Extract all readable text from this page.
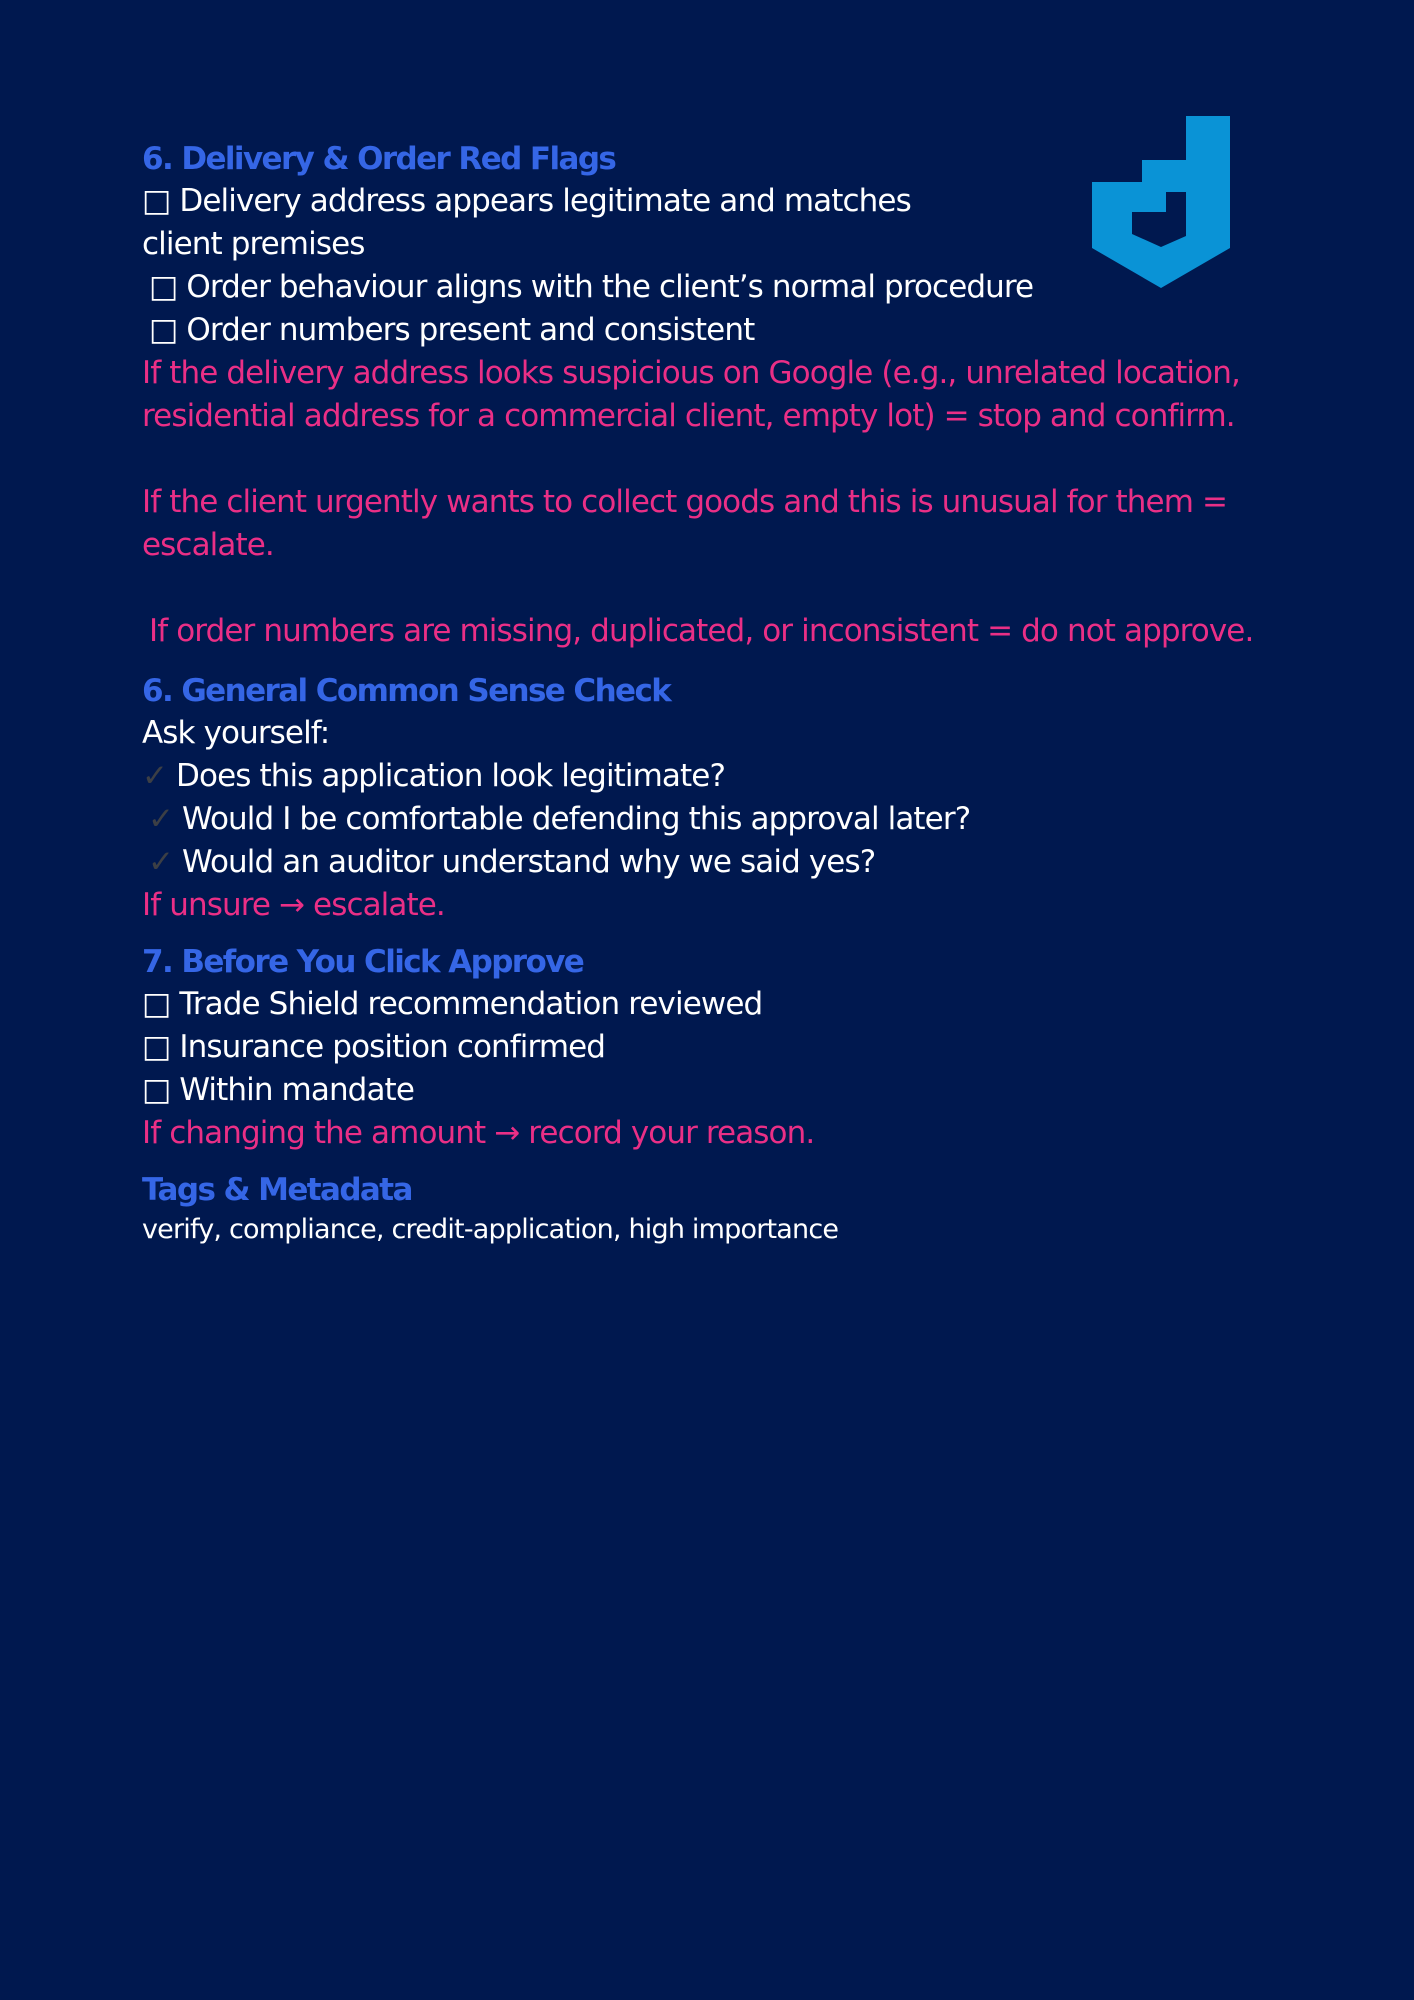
6. Delivery & Order Red Flags
□ Delivery address appears legitimate and matches
client premises
□ Order behaviour aligns with the client’s normal procedure
□ Order numbers present and consistent
If the delivery address looks suspicious on Google (e.g., unrelated location,
residential address for a commercial client, empty lot) = stop and confirm.
If the client urgently wants to collect goods and this is unusual for them =
escalate.
If order numbers are missing, duplicated, or inconsistent = do not approve.
6. General Common Sense Check
Ask yourself:
✓ Does this application look legitimate?
✓ Would I be comfortable defending this approval later?
✓ Would an auditor understand why we said yes?
If unsure → escalate.
7. Before You Click Approve
□ Trade Shield recommendation reviewed
□ Insurance position confirmed
□ Within mandate
If changing the amount → record your reason.
Tags & Metadata
verify, compliance, credit-application, high importance
